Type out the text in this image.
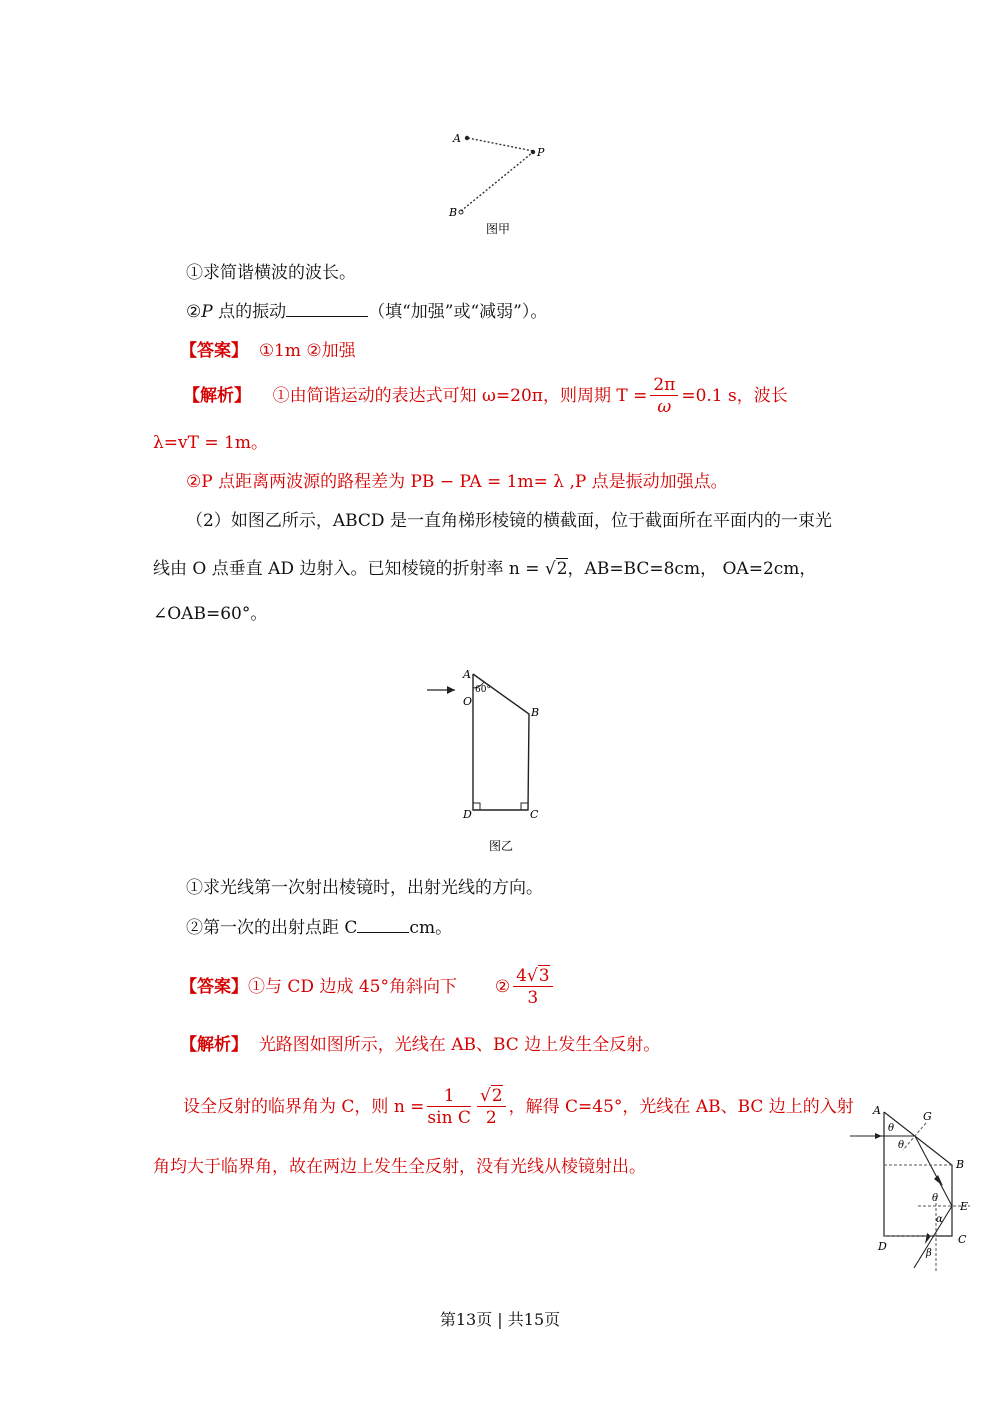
A
P
B
图甲
①求简谐横波的波长。
②P 点的振动	（填“加强”或“减弱”）。
【答案】 ①1m ②加强
【解析】
①由简谐运动的表达式可知 ω=20π，则周期 $T = \frac{2\pi}{\omega} =0.1$ s，波长
λ=vT = 1m。
②P 点距离两波源的路程差为 PB − PA = 1m= λ ,P 点是振动加强点。
（2）如图乙所示，ABCD 是一直角梯形棱镜的横截面，位于截面所在平面内的一束光
线由 O 点垂直 AD 边射入。已知棱镜的折射率 n = √2，AB=BC=8cm， OA=2cm，
∠OAB=60°。
A
60°
O
B
D	C
图乙
①求光线第一次射出棱镜时，出射光线的方向。
②第一次的出射点距 C	cm。
【答案】 ①与 CD 边成 45°角斜向下
② $\frac{4√3}{3}$
【解析】 光路图如图所示，光线在 AB、BC 边上发生全反射。
设全反射的临界角为 C，则 $n = \frac{1}{\text{sin C}} \frac{√2}{2}$ ，解得 C=45°，光线在 AB、BC 边上的入射
角均大于临界角，故在两边上发生全反射，没有光线从棱镜射出。
A	G
θ
θ
B
θ
E
α
D
C
β
第13页 | 共15页
